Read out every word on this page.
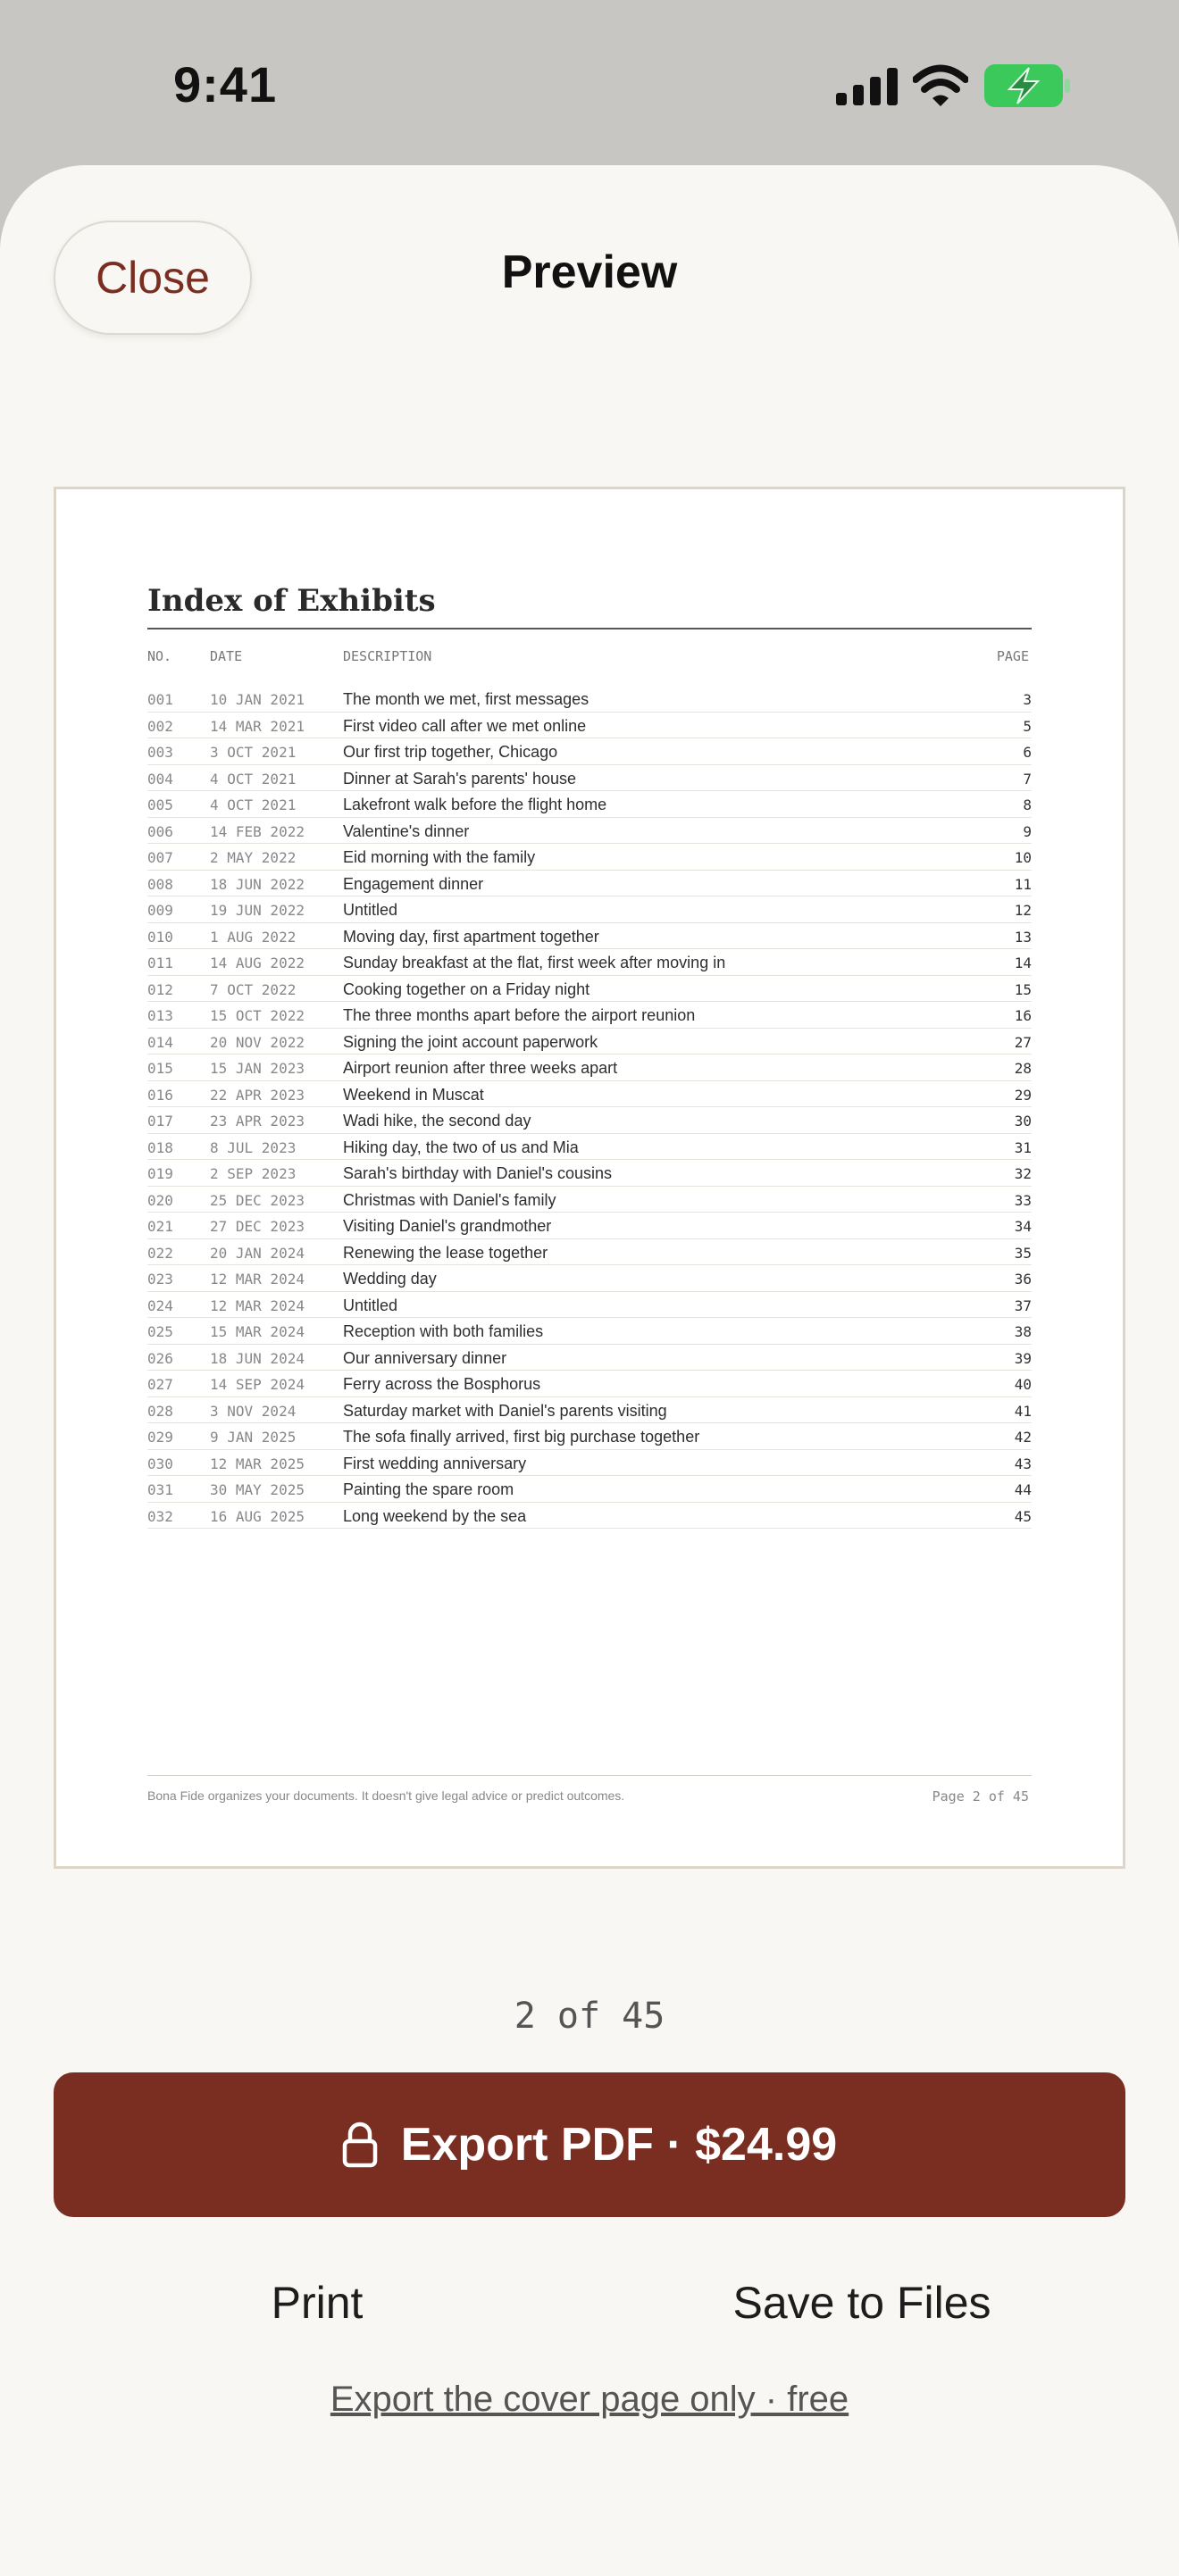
9:41
Close	Preview
Index of Exhibits
NO.	DATE	DESCRIPTION	PAGE
001	10 JAN 2021 The month we met, first messages	3
002	14 MAR 2021 First video call after we met online	5
003	3 OCT 2021	Our first trip together, Chicago	6
004	4 OCT 2021	Dinner at Sarah's parents' house	7
005	4 OCT 2021	Lakefront walk before the flight home	8
006	14 FEB 2022 Valentine's dinner	9
007	2 MAY 2022	Eid morning with the family	10
008	18 JUN 2022 Engagement dinner	11
009	19 JUN 2022 Untitled	12
010	1 AUG 2022	Moving day, first apartment together	13
011	14 AUG 2022 Sunday breakfast at the flat, first week after moving in	14
012	7 OCT 2022	Cooking together on a Friday night	15
013	15 OCT 2022 The three months apart before the airport reunion	16
014	20 NOV 2022 Signing the joint account paperwork	27
015	15 JAN 2023 Airport reunion after three weeks apart	28
016	22 APR 2023 Weekend in Muscat	29
017	23 APR 2023 Wadi hike, the second day	30
018	8 JUL 2023	Hiking day, the two of us and Mia	31
019	2 SEP 2023	Sarah's birthday with Daniel's cousins	32
020	25 DEC 2023 Christmas with Daniel's family	33
021	27 DEC 2023 Visiting Daniel's grandmother	34
022	20 JAN 2024 Renewing the lease together	35
023	12 MAR 2024 Wedding day	36
024	12 MAR 2024 Untitled	37
025	15 MAR 2024 Reception with both families	38
026	18 JUN 2024 Our anniversary dinner	39
027	14 SEP 2024 Ferry across the Bosphorus	40
028	3 NOV 2024	Saturday market with Daniel's parents visiting	41
029	9 JAN 2025	The sofa finally arrived, first big purchase together	42
030	12 MAR 2025 First wedding anniversary	43
031	30 MAY 2025 Painting the spare room	44
032	16 AUG 2025 Long weekend by the sea	45
Bona Fide organizes your documents. It doesn't give legal advice or predict outcomes.	Page 2 of 45
2 of 45
Export PDF · $24.99
Print	Save to Files
Export the cover page only · free
